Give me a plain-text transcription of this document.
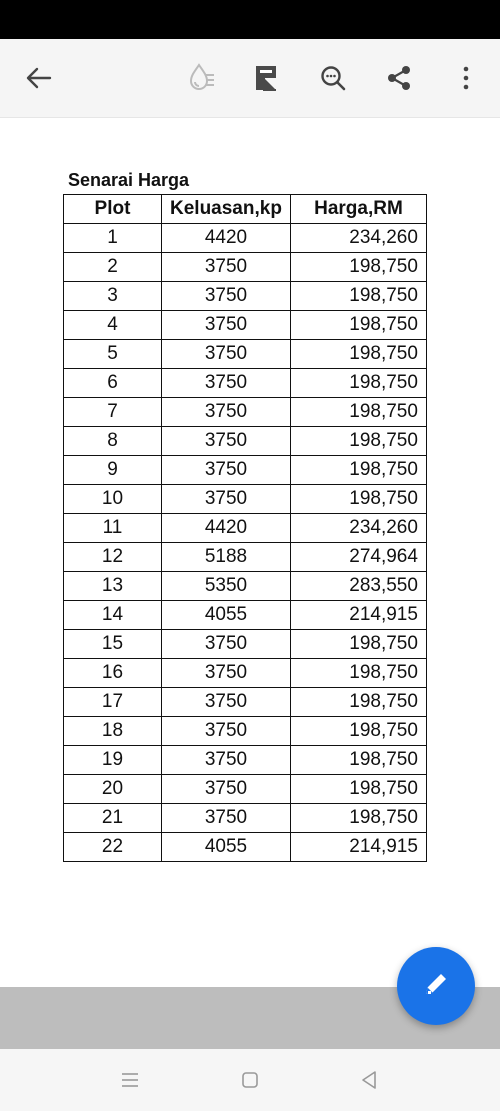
Senarai Harga
Plot	Keluasan,kp	Harga,RM
1	4420	234,260
2	3750	198,750
3	3750	198,750
4	3750	198,750
5	3750	198,750
6	3750	198,750
7	3750	198,750
8	3750	198,750
9	3750	198,750
10	3750	198,750
11	4420	234,260
12	5188	274,964
13	5350	283,550
14	4055	214,915
15	3750	198,750
16	3750	198,750
17	3750	198,750
18	3750	198,750
19	3750	198,750
20	3750	198,750
21	3750	198,750
22	4055	214,915
